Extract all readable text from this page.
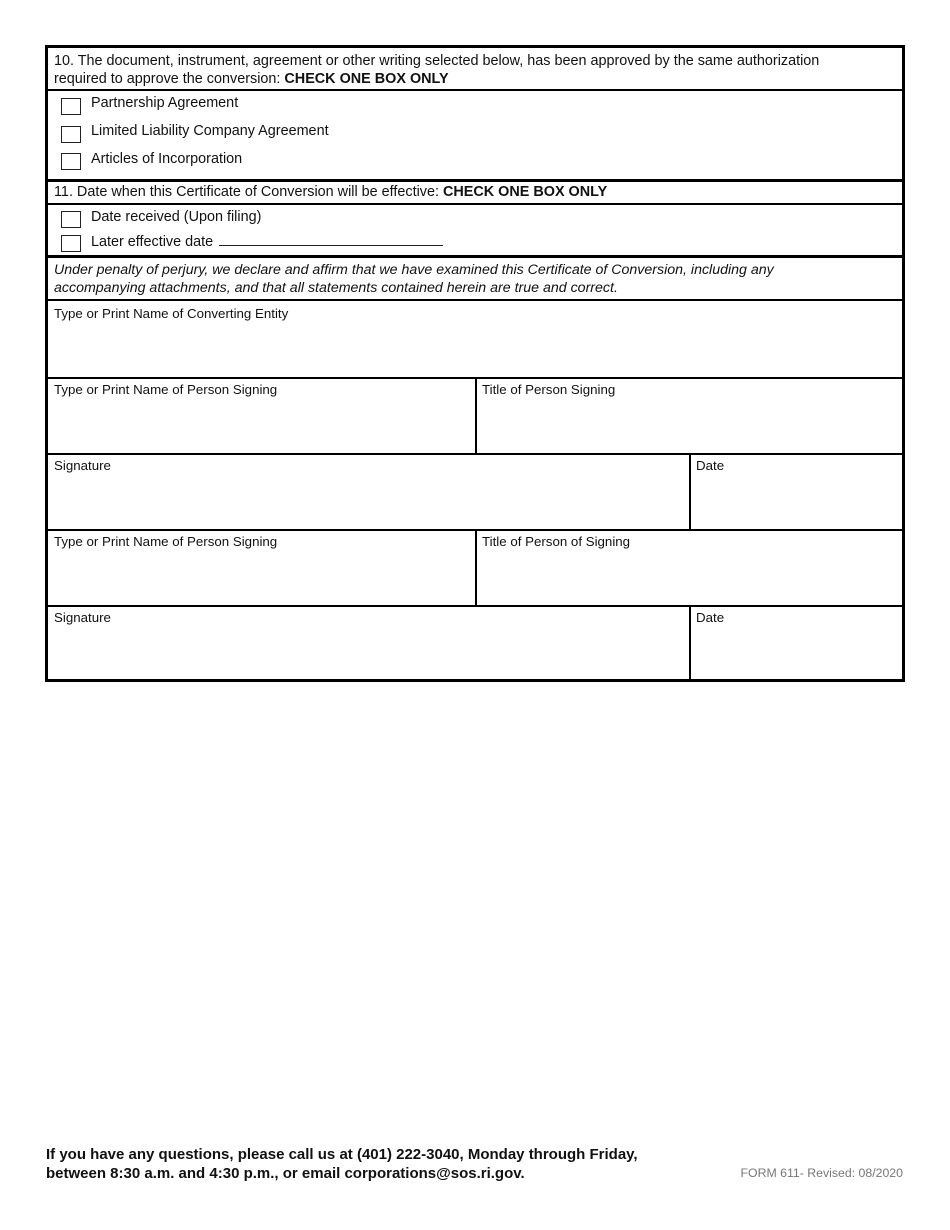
10. The document, instrument, agreement or other writing selected below, has been approved by the same authorization
required to approve the conversion: CHECK ONE BOX ONLY
Partnership Agreement
Limited Liability Company Agreement
Articles of Incorporation
11. Date when this Certificate of Conversion will be effective: CHECK ONE BOX ONLY
Date received (Upon filing)
Later effective date
Under penalty of perjury, we declare and affirm that we have examined this Certificate of Conversion, including any
accompanying attachments, and that all statements contained herein are true and correct.
Type or Print Name of Converting Entity
Type or Print Name of Person Signing	Title of Person Signing
Signature	Date
Type or Print Name of Person Signing	Title of Person of Signing
Signature	Date
If you have any questions, please call us at (401) 222-3040, Monday through Friday,
between 8:30 a.m. and 4:30 p.m., or email corporations@sos.ri.gov.	FORM 611- Revised: 08/2020
